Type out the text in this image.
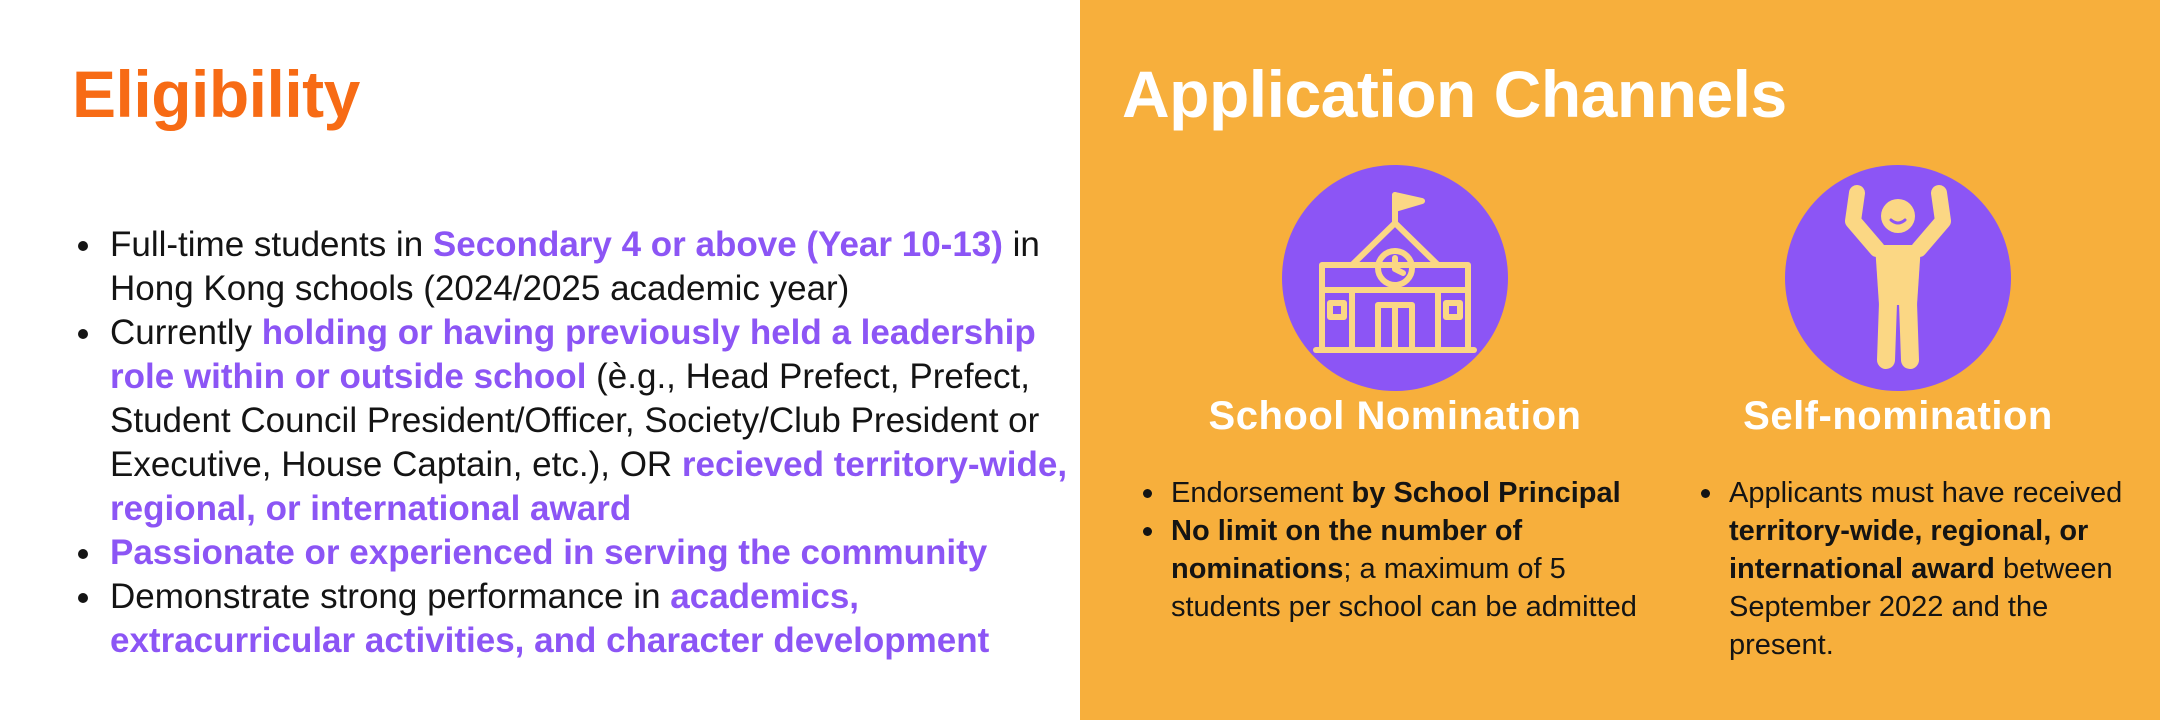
Eligibility
Full-time students in Secondary 4 or above (Year 10-13) in Hong Kong schools (2024/2025 academic year)
Currently holding or having previously held a leadership role within or outside school (è.g., Head Prefect, Prefect, Student Council President/Officer, Society/Club President or Executive, House Captain, etc.), OR recieved territory-wide, regional, or international award
Passionate or experienced in serving the community
Demonstrate strong performance in academics, extracurricular activities, and character development
Application Channels
School Nomination	Self-nomination
Endorsement by School Principal
No limit on the number of nominations; a maximum of 5 students per school can be admitted
Applicants must have received territory-wide, regional, or international award between September 2022 and the present.
